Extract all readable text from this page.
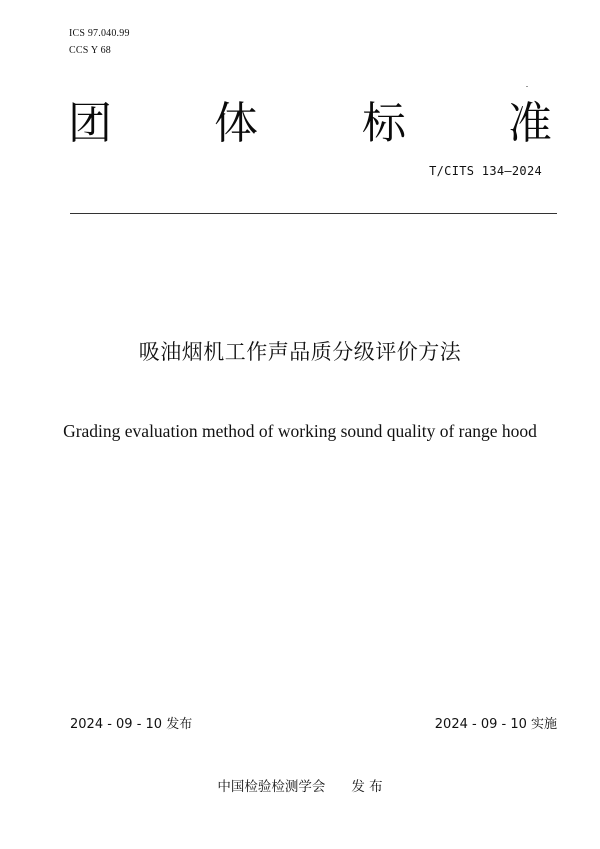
ICS 97.040.99
CCS Y 68
团 体 标 准
T/CITS 134—2024
吸油烟机工作声品质分级评价方法
Grading evaluation method of working sound quality of range hood
2024 - 09 - 10 发布	2024 - 09 - 10 实施
中国检验检测学会 发 布
